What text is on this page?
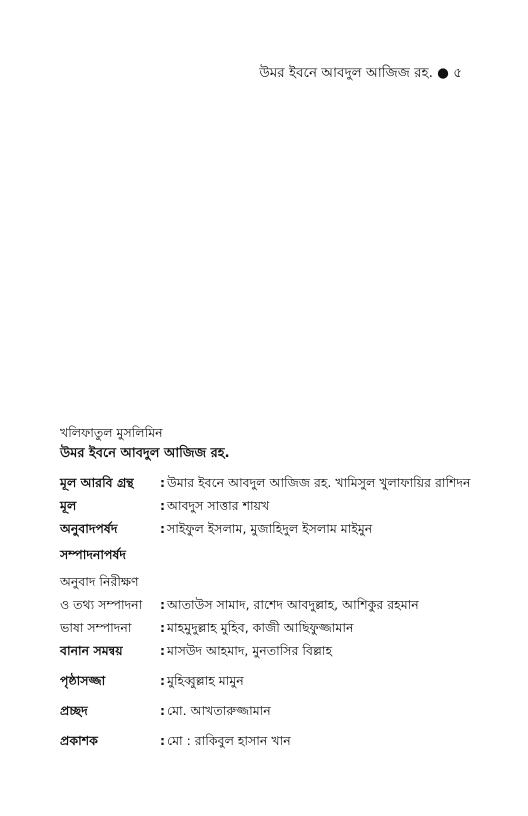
উমর ইবনে আবদুল আজিজ রহ. ● ৫
খলিফাতুল মুসলিমিন
উমর ইবনে আবদুল আজিজ রহ.
মূল আরবি গ্রন্থ	: উমার ইবনে আবদুল আজিজ রহ. খামিসুল খুলাফায়ির রাশিদন
মূল	: আবদুস সাত্তার শায়খ
অনুবাদপর্ষদ	: সাইফুল ইসলাম, মুজাহিদুল ইসলাম মাইমুন
সম্পাদনাপর্ষদ
অনুবাদ নিরীক্ষণ
ও তথ্য সম্পাদনা	: আতাউস সামাদ, রাশেদ আবদুল্লাহ, আশিকুর রহমান
ভাষা সম্পাদনা	: মাহমুদুল্লাহ মুহিব, কাজী আছিফুজ্জামান
বানান সমন্বয়	: মাসউদ আহমাদ, মুনতাসির বিল্লাহ
পৃষ্ঠাসজ্জা	: মুহিব্বুল্লাহ মামুন
প্রচ্ছদ	: মো. আখতারুজ্জামান
প্রকাশক	: মো : রাকিবুল হাসান খান
